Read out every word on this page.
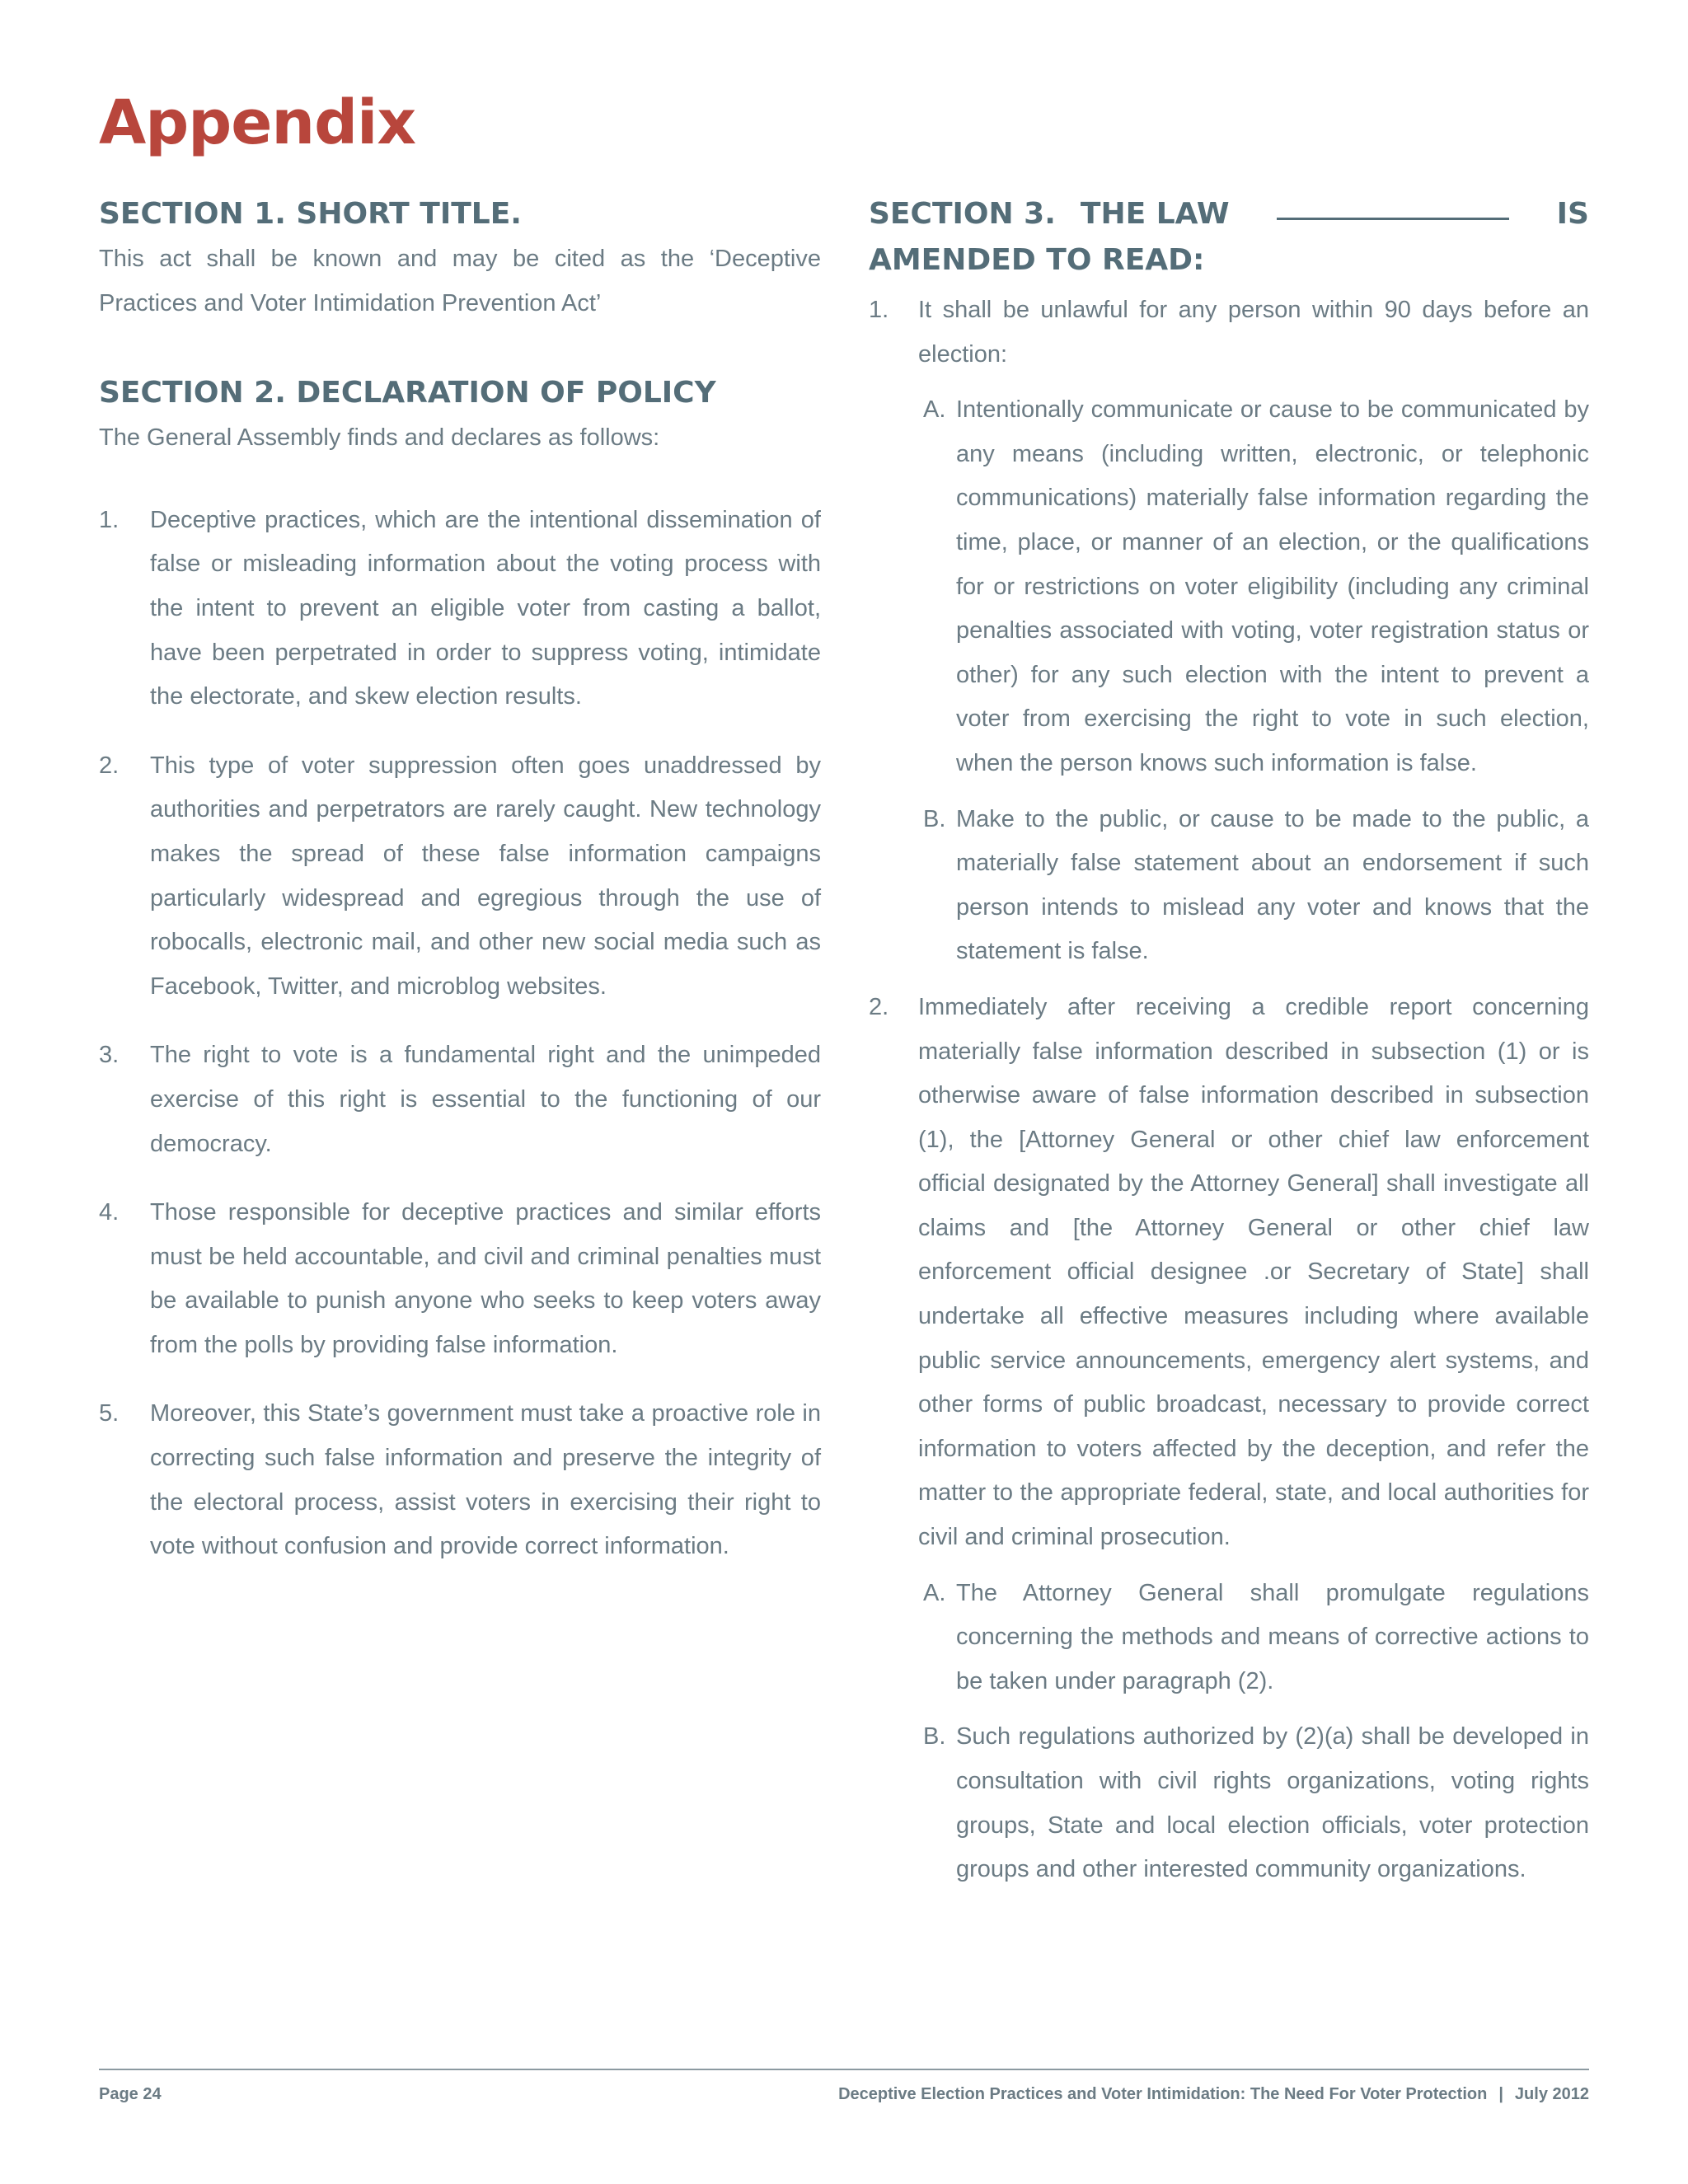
Appendix
SECTION 1. SHORT TITLE.

This act shall be known and may be cited as the ‘Deceptive Practices and Voter Intimidation Prevention Act’

SECTION 2. DECLARATION OF POLICY

The General Assembly finds and declares as follows:

1. Deceptive practices, which are the intentional dissemination of false or misleading information about the voting process with the intent to prevent an eligible voter from casting a ballot, have been perpetrated in order to suppress voting, intimidate the electorate, and skew election results.
2. This type of voter suppression often goes unaddressed by authorities and perpetrators are rarely caught. New technology makes the spread of these false information campaigns particularly widespread and egregious through the use of robocalls, electronic mail, and other new social media such as Facebook, Twitter, and microblog websites.
3. The right to vote is a fundamental right and the unimpeded exercise of this right is essential to the functioning of our democracy.
4. Those responsible for deceptive practices and similar efforts must be held accountable, and civil and criminal penalties must be available to punish anyone who seeks to keep voters away from the polls by providing false information.
5. Moreover, this State’s government must take a proactive role in correcting such false information and preserve the integrity of the electoral process, assist voters in exercising their right to vote without confusion and provide correct information.
SECTION 3. THE LAW	IS
AMENDED TO READ:
1. It shall be unlawful for any person within 90 days before an election:
A. Intentionally communicate or cause to be communicated by any means (including written, electronic, or telephonic communications) materially false information regarding the time, place, or manner of an election, or the qualifications for or restrictions on voter eligibility (including any criminal penalties associated with voting, voter registration status or other) for any such election with the intent to prevent a voter from exercising the right to vote in such election, when the person knows such information is false.
B. Make to the public, or cause to be made to the public, a materially false statement about an endorsement if such person intends to mislead any voter and knows that the statement is false.
2. Immediately after receiving a credible report concerning materially false information described in subsection (1) or is otherwise aware of false information described in subsection (1), the [Attorney General or other chief law enforcement official designated by the Attorney General] shall investigate all claims and [the Attorney General or other chief law enforcement official designee .or Secretary of State] shall undertake all effective measures including where available public service announcements, emergency alert systems, and other forms of public broadcast, necessary to provide correct information to voters affected by the deception, and refer the matter to the appropriate federal, state, and local authorities for civil and criminal prosecution.
A. The Attorney General shall promulgate regulations concerning the methods and means of corrective actions to be taken under paragraph (2).
B. Such regulations authorized by (2)(a) shall be developed in consultation with civil rights organizations, voting rights groups, State and local election officials, voter protection groups and other interested community organizations.
Page 24	Deceptive Election Practices and Voter Intimidation: The Need For Voter Protection | July 2012
